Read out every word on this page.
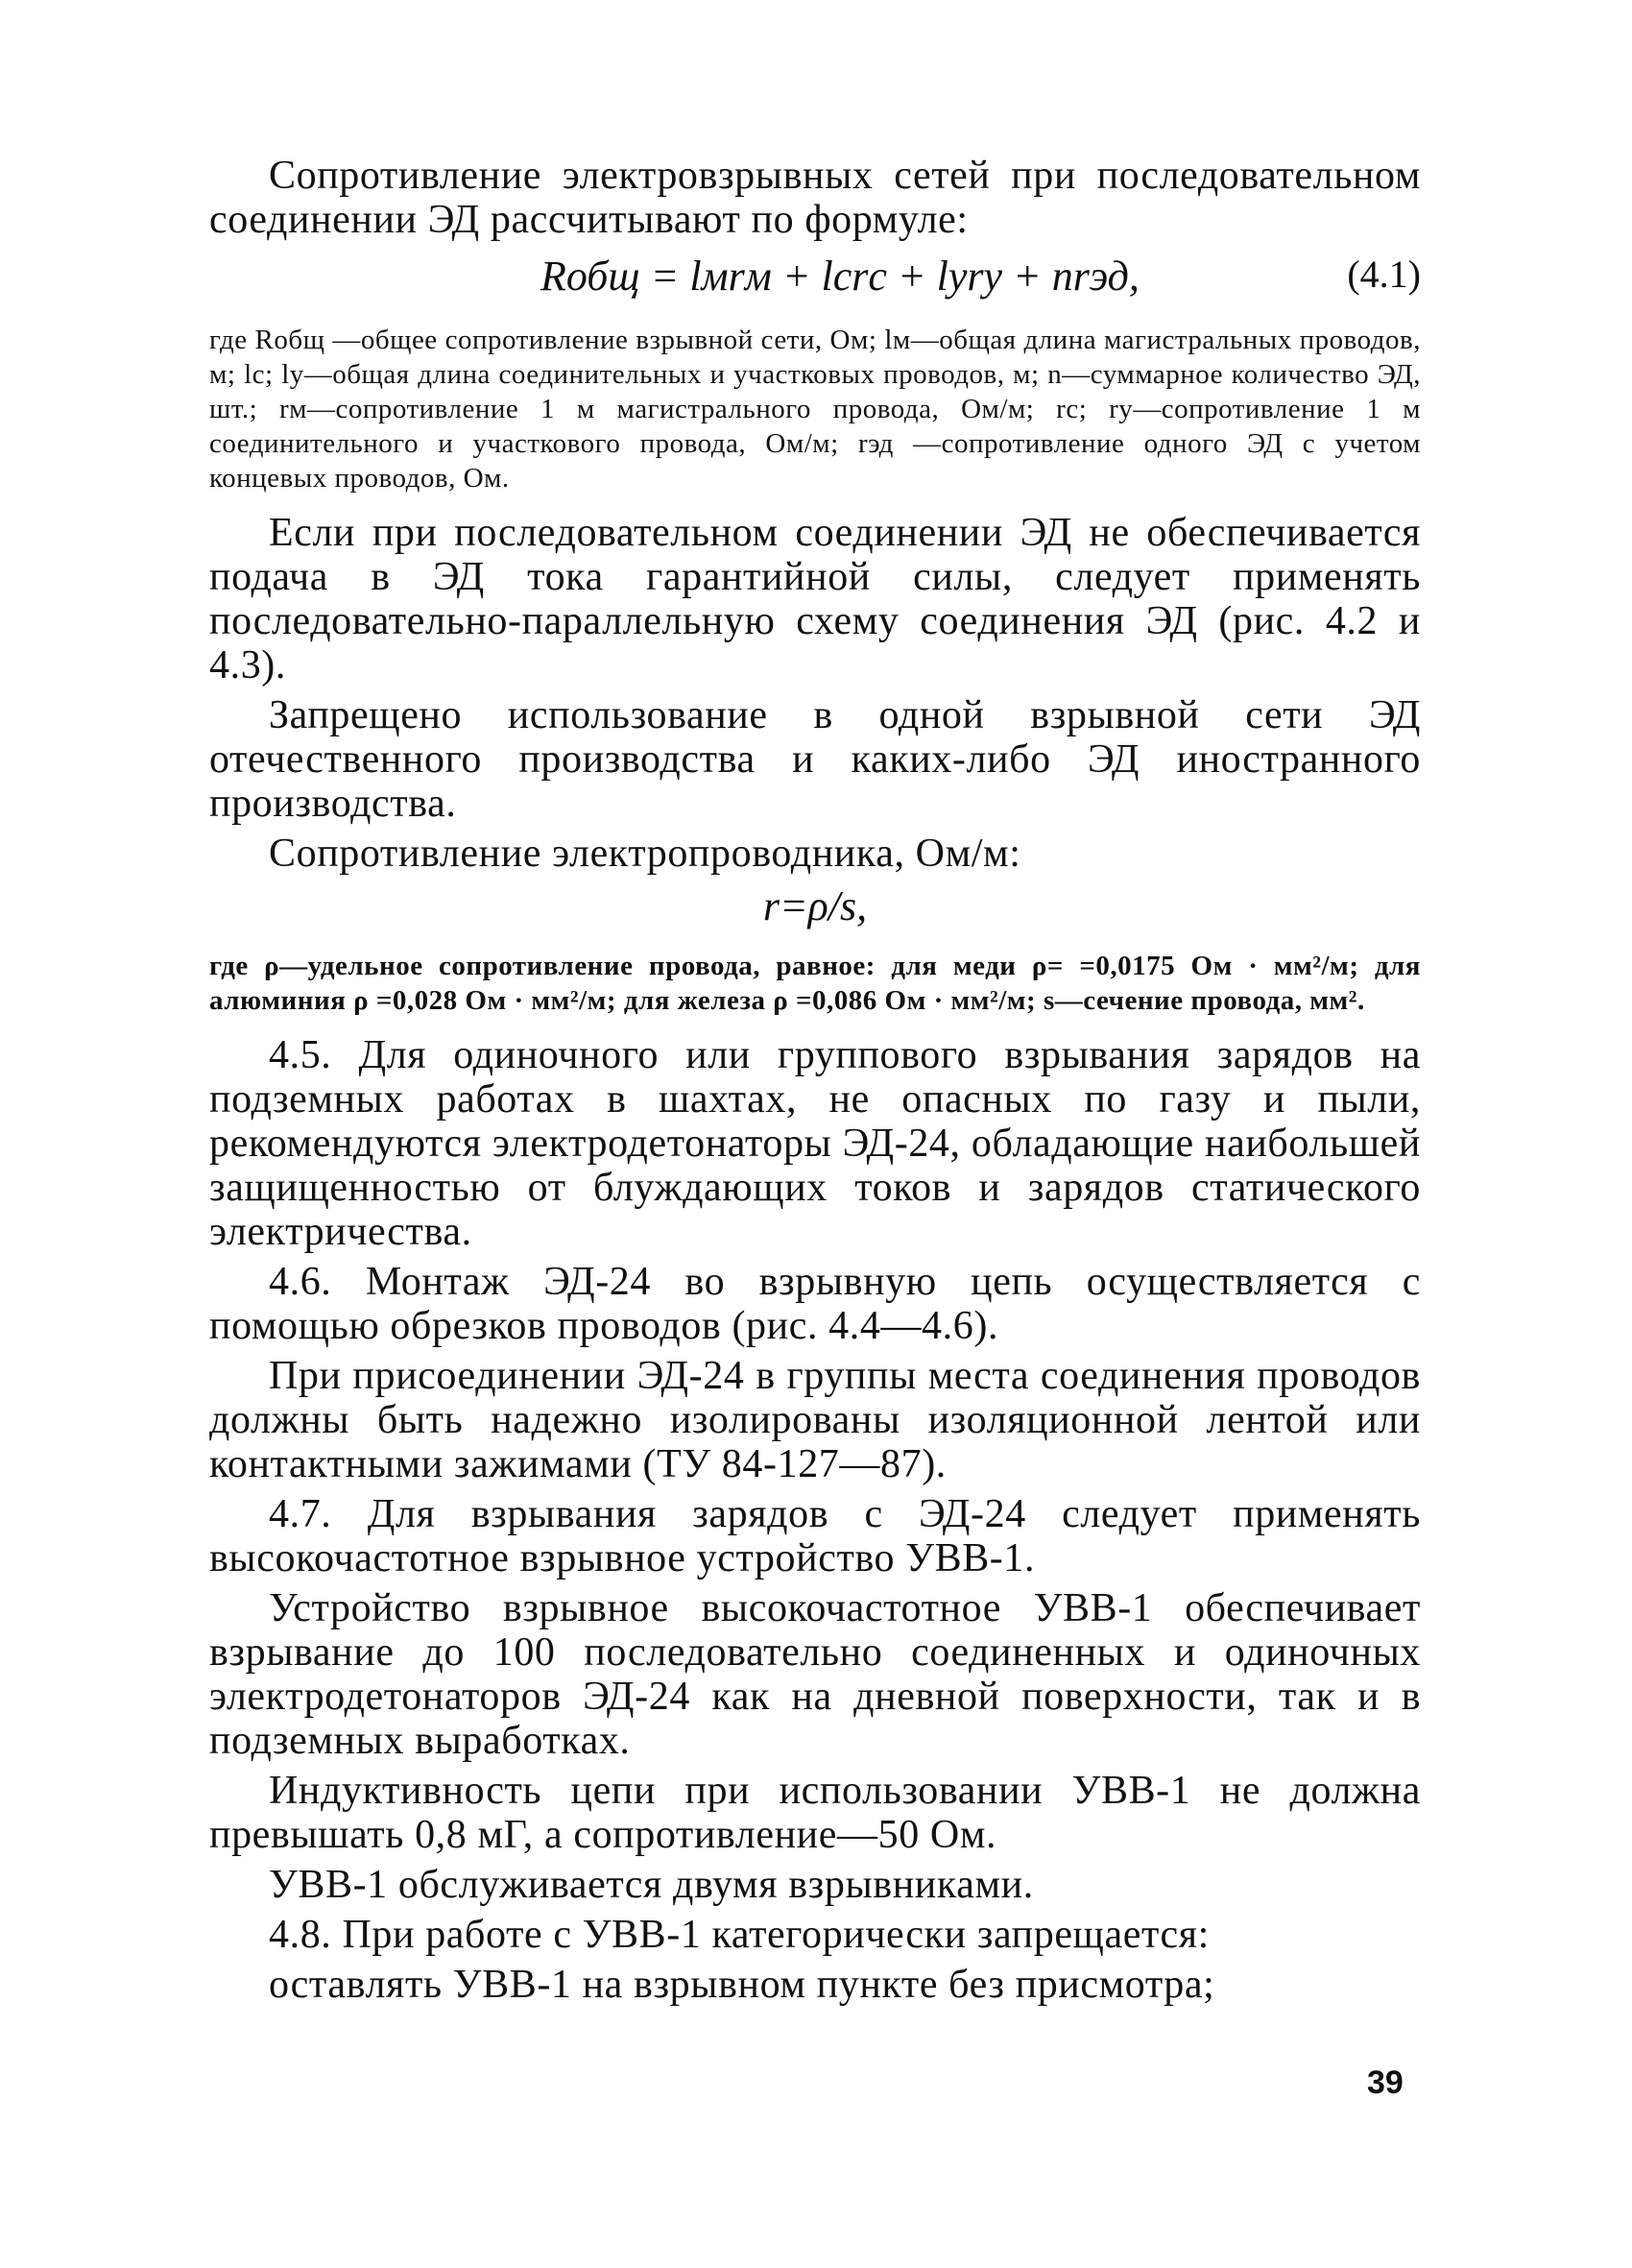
Сопротивление электровзрывных сетей при последовательном соединении ЭД рассчитывают по формуле:

Rобщ = lмrм + lсrс + lуrу + nrэд,	(4.1)

где Rобщ —общее сопротивление взрывной сети, Ом; lм—общая длина магистральных проводов, м; lс; lу—общая длина соединительных и участковых проводов, м; n—суммарное количество ЭД, шт.; rм—сопротивление 1 м магистрального провода, Ом/м; rс; rу—сопротивление 1 м соединительного и участкового провода, Ом/м; rэд —сопротивление одного ЭД с учетом концевых проводов, Ом.

Если при последовательном соединении ЭД не обеспечивается подача в ЭД тока гарантийной силы, следует применять последовательно-параллельную схему соединения ЭД (рис. 4.2 и 4.3).

Запрещено использование в одной взрывной сети ЭД отечественного производства и каких-либо ЭД иностранного производства.

Сопротивление электропроводника, Ом/м:

r=ρ/s,

где ρ—удельное сопротивление провода, равное: для меди ρ= =0,0175 Ом · мм²/м; для алюминия ρ =0,028 Ом · мм²/м; для железа ρ =0,086 Ом · мм²/м; s—сечение провода, мм².

4.5. Для одиночного или группового взрывания зарядов на подземных работах в шахтах, не опасных по газу и пыли, рекомендуются электродетонаторы ЭД-24, обладающие наибольшей защищенностью от блуждающих токов и зарядов статического электричества.

4.6. Монтаж ЭД-24 во взрывную цепь осуществляется с помощью обрезков проводов (рис. 4.4—4.6).

При присоединении ЭД-24 в группы места соединения проводов должны быть надежно изолированы изоляционной лентой или контактными зажимами (ТУ 84-127—87).

4.7. Для взрывания зарядов с ЭД-24 следует применять высокочастотное взрывное устройство УВВ-1.

Устройство взрывное высокочастотное УВВ-1 обеспечивает взрывание до 100 последовательно соединенных и одиночных электродетонаторов ЭД-24 как на дневной поверхности, так и в подземных выработках.

Индуктивность цепи при использовании УВВ-1 не должна превышать 0,8 мГ, а сопротивление—50 Ом.

УВВ-1 обслуживается двумя взрывниками.

4.8. При работе с УВВ-1 категорически запрещается:

оставлять УВВ-1 на взрывном пункте без присмотра;

39
